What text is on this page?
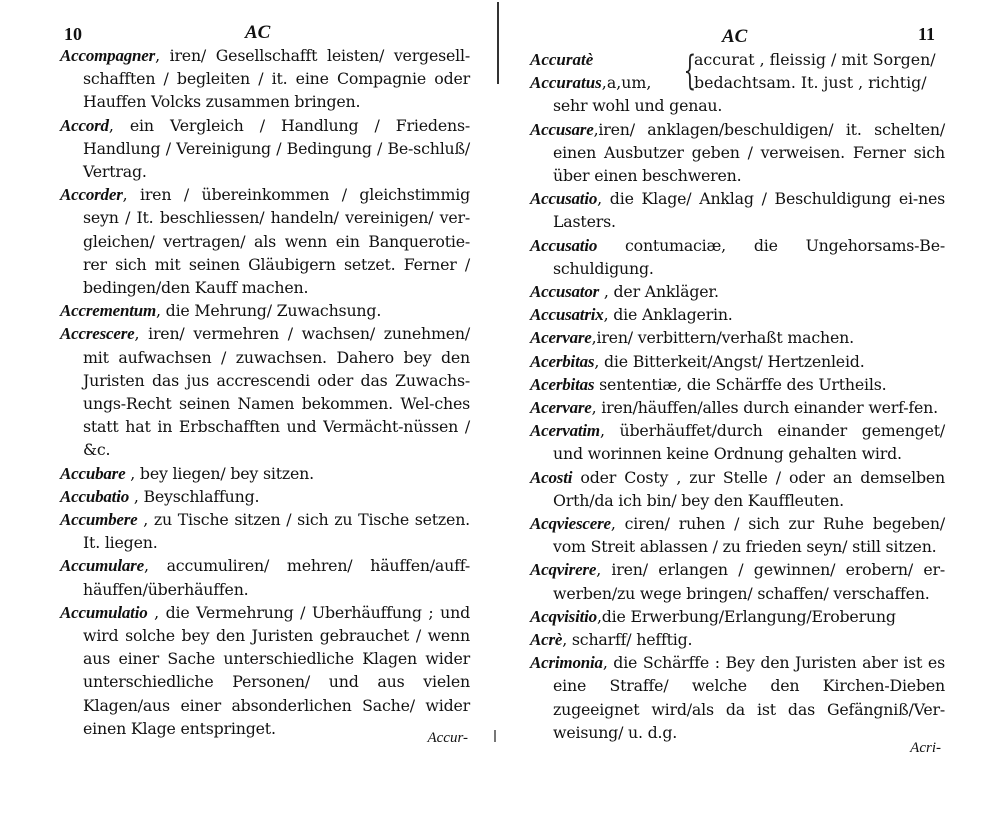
10	AC
Accompagner, iren/ Gesellschafft leisten/ vergesell-schafften / begleiten / it. eine Compagnie oder Hauffen Volcks zusammen bringen.
Accord, ein Vergleich / Handlung / Friedens-Handlung / Vereinigung / Bedingung / Be-schluß/ Vertrag.
Accorder, iren / übereinkommen / gleichstimmig seyn / It. beschliessen/ handeln/ vereinigen/ ver-gleichen/ vertragen/ als wenn ein Banquerotie-rer sich mit seinen Gläubigern setzet. Ferner / bedingen/den Kauff machen.
Accrementum, die Mehrung/ Zuwachsung.
Accrescere, iren/ vermehren / wachsen/ zunehmen/ mit aufwachsen / zuwachsen. Dahero bey den Juristen das jus accrescendi oder das Zuwachs-ungs-Recht seinen Namen bekommen. Wel-ches statt hat in Erbschafften und Vermächt-nüssen / &c.
Accubare , bey liegen/ bey sitzen.
Accubatio , Beyschlaffung.
Accumbere , zu Tische sitzen / sich zu Tische setzen. It. liegen.
Accumulare, accumuliren/ mehren/ häuffen/auff-häuffen/überhäuffen.
Accumulatio , die Vermehrung / Uberhäuffung ; und wird solche bey den Juristen gebrauchet / wenn aus einer Sache unterschiedliche Klagen wider unterschiedliche Personen/ und aus vielen Klagen/aus einer absonderlichen Sache/ wider einen Klage entspringet.
Accur-
AC	11
Accuratè
Accuratus,a,um, {
accurat , fleissig / mit Sorgen/
bedachtsam. It. just , richtig/
sehr wohl und genau.
Accusare,iren/ anklagen/beschuldigen/ it. schelten/ einen Ausbutzer geben / verweisen. Ferner sich über einen beschweren.
Accusatio, die Klage/ Anklag / Beschuldigung ei-nes Lasters.
Accusatio contumaciæ, die Ungehorsams-Be-schuldigung.
Accusator , der Ankläger.
Accusatrix, die Anklagerin.
Acervare,iren/ verbittern/verhaßt machen.
Acerbitas, die Bitterkeit/Angst/ Hertzenleid.
Acerbitas sententiæ, die Schärffe des Urtheils.
Acervare, iren/häuffen/alles durch einander werf-fen.
Acervatim, überhäuffet/durch einander gemenget/ und worinnen keine Ordnung gehalten wird.
Acosti oder Costy , zur Stelle / oder an demselben Orth/da ich bin/ bey den Kauffleuten.
Acqviescere, ciren/ ruhen / sich zur Ruhe begeben/ vom Streit ablassen / zu frieden seyn/ still sitzen.
Acqvirere, iren/ erlangen / gewinnen/ erobern/ er-werben/zu wege bringen/ schaffen/ verschaffen.
Acqvisitio,die Erwerbung/Erlangung/Eroberung
Acrè, scharff/ hefftig.
Acrimonia, die Schärffe : Bey den Juristen aber ist es eine Straffe/ welche den Kirchen-Dieben zugeeignet wird/als da ist das Gefängniß/Ver-weisung/ u. d.g.
Acri-
